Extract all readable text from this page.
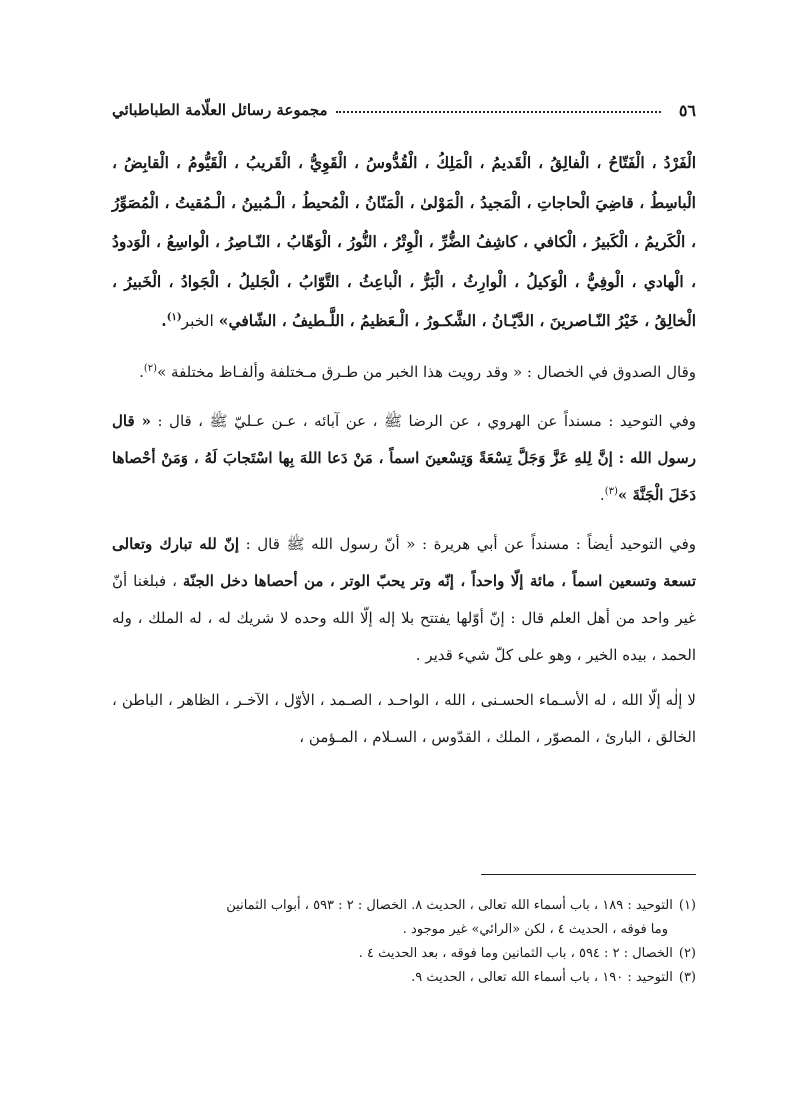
٥٦
مجموعة رسائل العلّامة الطباطبائي

الْفَرْدُ ، الْفَتّاحُ ، الْفالِقُ ، الْقَديمُ ، الْمَلِكُ ، الْقُدُّوسُ ، الْقَوِيُّ ، الْقَريبُ ، الْقَيُّومُ ، الْقابِضُ ، الْباسِطُ ، قاضِيَ الْحاجاتِ ، الْمَجيدُ ، الْمَوْلىٰ ، الْمَنّانُ ، الْمُحيطُ ، الْـمُبينُ ، الْـمُقيتُ ، الْمُصَوِّرُ ، الْكَريمُ ، الْكَبيرُ ، الْكافي ، كاشِفُ الضُّرِّ ، الْوِتْرُ ، النُّورُ ، الْوَهّابُ ، النّـاصِرُ ، الْواسِعُ ، الْوَدودُ ، الْهادي ، الْوفِيُّ ، الْوَكيلُ ، الْوارِثُ ، الْبَرُّ ، الْباعِثُ ، التَّوّابُ ، الْجَليلُ ، الْجَوادُ ، الْخَبيرُ ، الْخالِقُ ، خَيْرُ النّـاصرينَ ، الدَّيّـانُ ، الشَّكـورُ ، الْـعَظيمُ ، اللَّـطيفُ ، الشّافي» الخبر$^{(١)}$.

وقال الصدوق في الخصال : « وقد رويت هذا الخبر من طـرق مـختلفة وألفـاظ مختلفة »$^{(٢)}$.

وفي التوحيد : مسنداً عن الهروي ، عن الرضا ﷺ ، عن آبائه ، عـن عـليّ ﷺ ، قال : « قال رسول الله : إنَّ لِلهِ عَزَّ وَجَلَّ تِسْعَةً وَتِسْعينَ اسماً ، مَنْ دَعا اللهَ بِها اسْتَجابَ لَهُ ، وَمَنْ أحْصاها دَخَلَ الْجَنَّةَ »$^{(٣)}$.

وفي التوحيد أيضاً : مسنداً عن أبي هريرة : « أنّ رسول الله ﷺ قال : إنّ لله تبارك وتعالى تسعة وتسعين اسماً ، مائة إلّا واحداً ، إنّه وتر يحبّ الوتر ، من أحصاها دخل الجنّة ، فبلغنا أنّ غير واحد من أهل العلم قال : إنّ أوّلها يفتتح بلا إله إلّا الله وحده لا شريك له ، له الملك ، وله الحمد ، بيده الخير ، وهو على كلّ شيء قدير .

لا إلٰه إلّا الله ، له الأسـماء الحسـنى ، الله ، الواحـد ، الصـمد ، الأوّل ، الآخـر ، الظاهر ، الباطن ، الخالق ، البارئ ، المصوّر ، الملك ، القدّوس ، السـلام ، المـؤمن ،

(١)التوحيد : ١٨٩ ، باب أسماء الله تعالى ، الحديث ٨. الخصال : ٢ : ٥٩٣ ، أبواب الثمانين
وما فوقه ، الحديث ٤ ، لكن «الرائي» غير موجود .

(٢)الخصال : ٢ : ٥٩٤ ، باب الثمانين وما فوقه ، بعد الحديث ٤ .

(٣)التوحيد : ١٩٠ ، باب أسماء الله تعالى ، الحديث ٩.
